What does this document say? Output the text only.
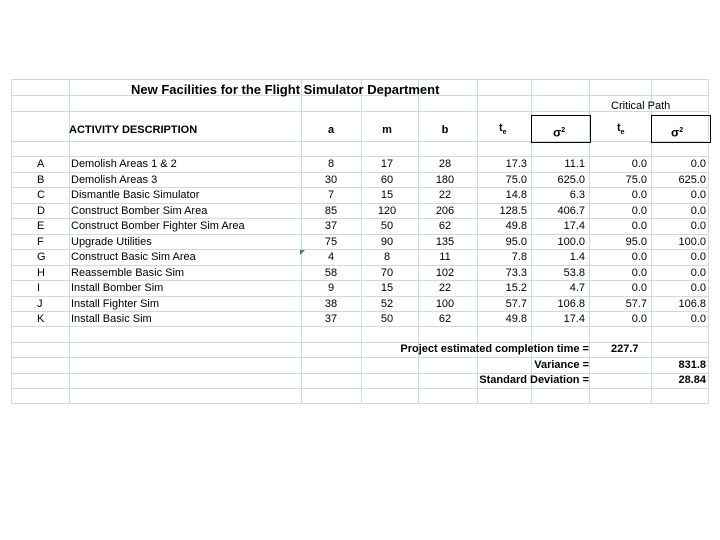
New Facilities for the Flight Simulator Department
Critical Path
ACTIVITY DESCRIPTION	a	m	b	$t_e$	$\sigma^2$	$t_e$	$\sigma^2$
A Demolish Areas 1 & 2	8	17	28	17.3	11.1	0.0	0.0
B Demolish Areas 3	30	60	180	75.0	625.0	75.0	625.0
C Dismantle Basic Simulator	7	15	22	14.8	6.3	0.0	0.0
D Construct Bomber Sim Area	85	120	206	128.5	406.7	0.0	0.0
E Construct Bomber Fighter Sim Area	37	50	62	49.8	17.4	0.0	0.0
F Upgrade Utilities	75	90	135	95.0	100.0	95.0	100.0
G Construct Basic Sim Area	4	8	11	7.8	1.4	0.0	0.0
H Reassemble Basic Sim	58	70	102	73.3	53.8	0.0	0.0
I	Install Bomber Sim	9	15	22	15.2	4.7	0.0	0.0
J	Install Fighter Sim	38	52	100	57.7	106.8	57.7	106.8
K Install Basic Sim	37	50	62	49.8	17.4	0.0	0.0
Project estimated completion time = 227.7
Variance =	831.8
Standard Deviation =	28.84
